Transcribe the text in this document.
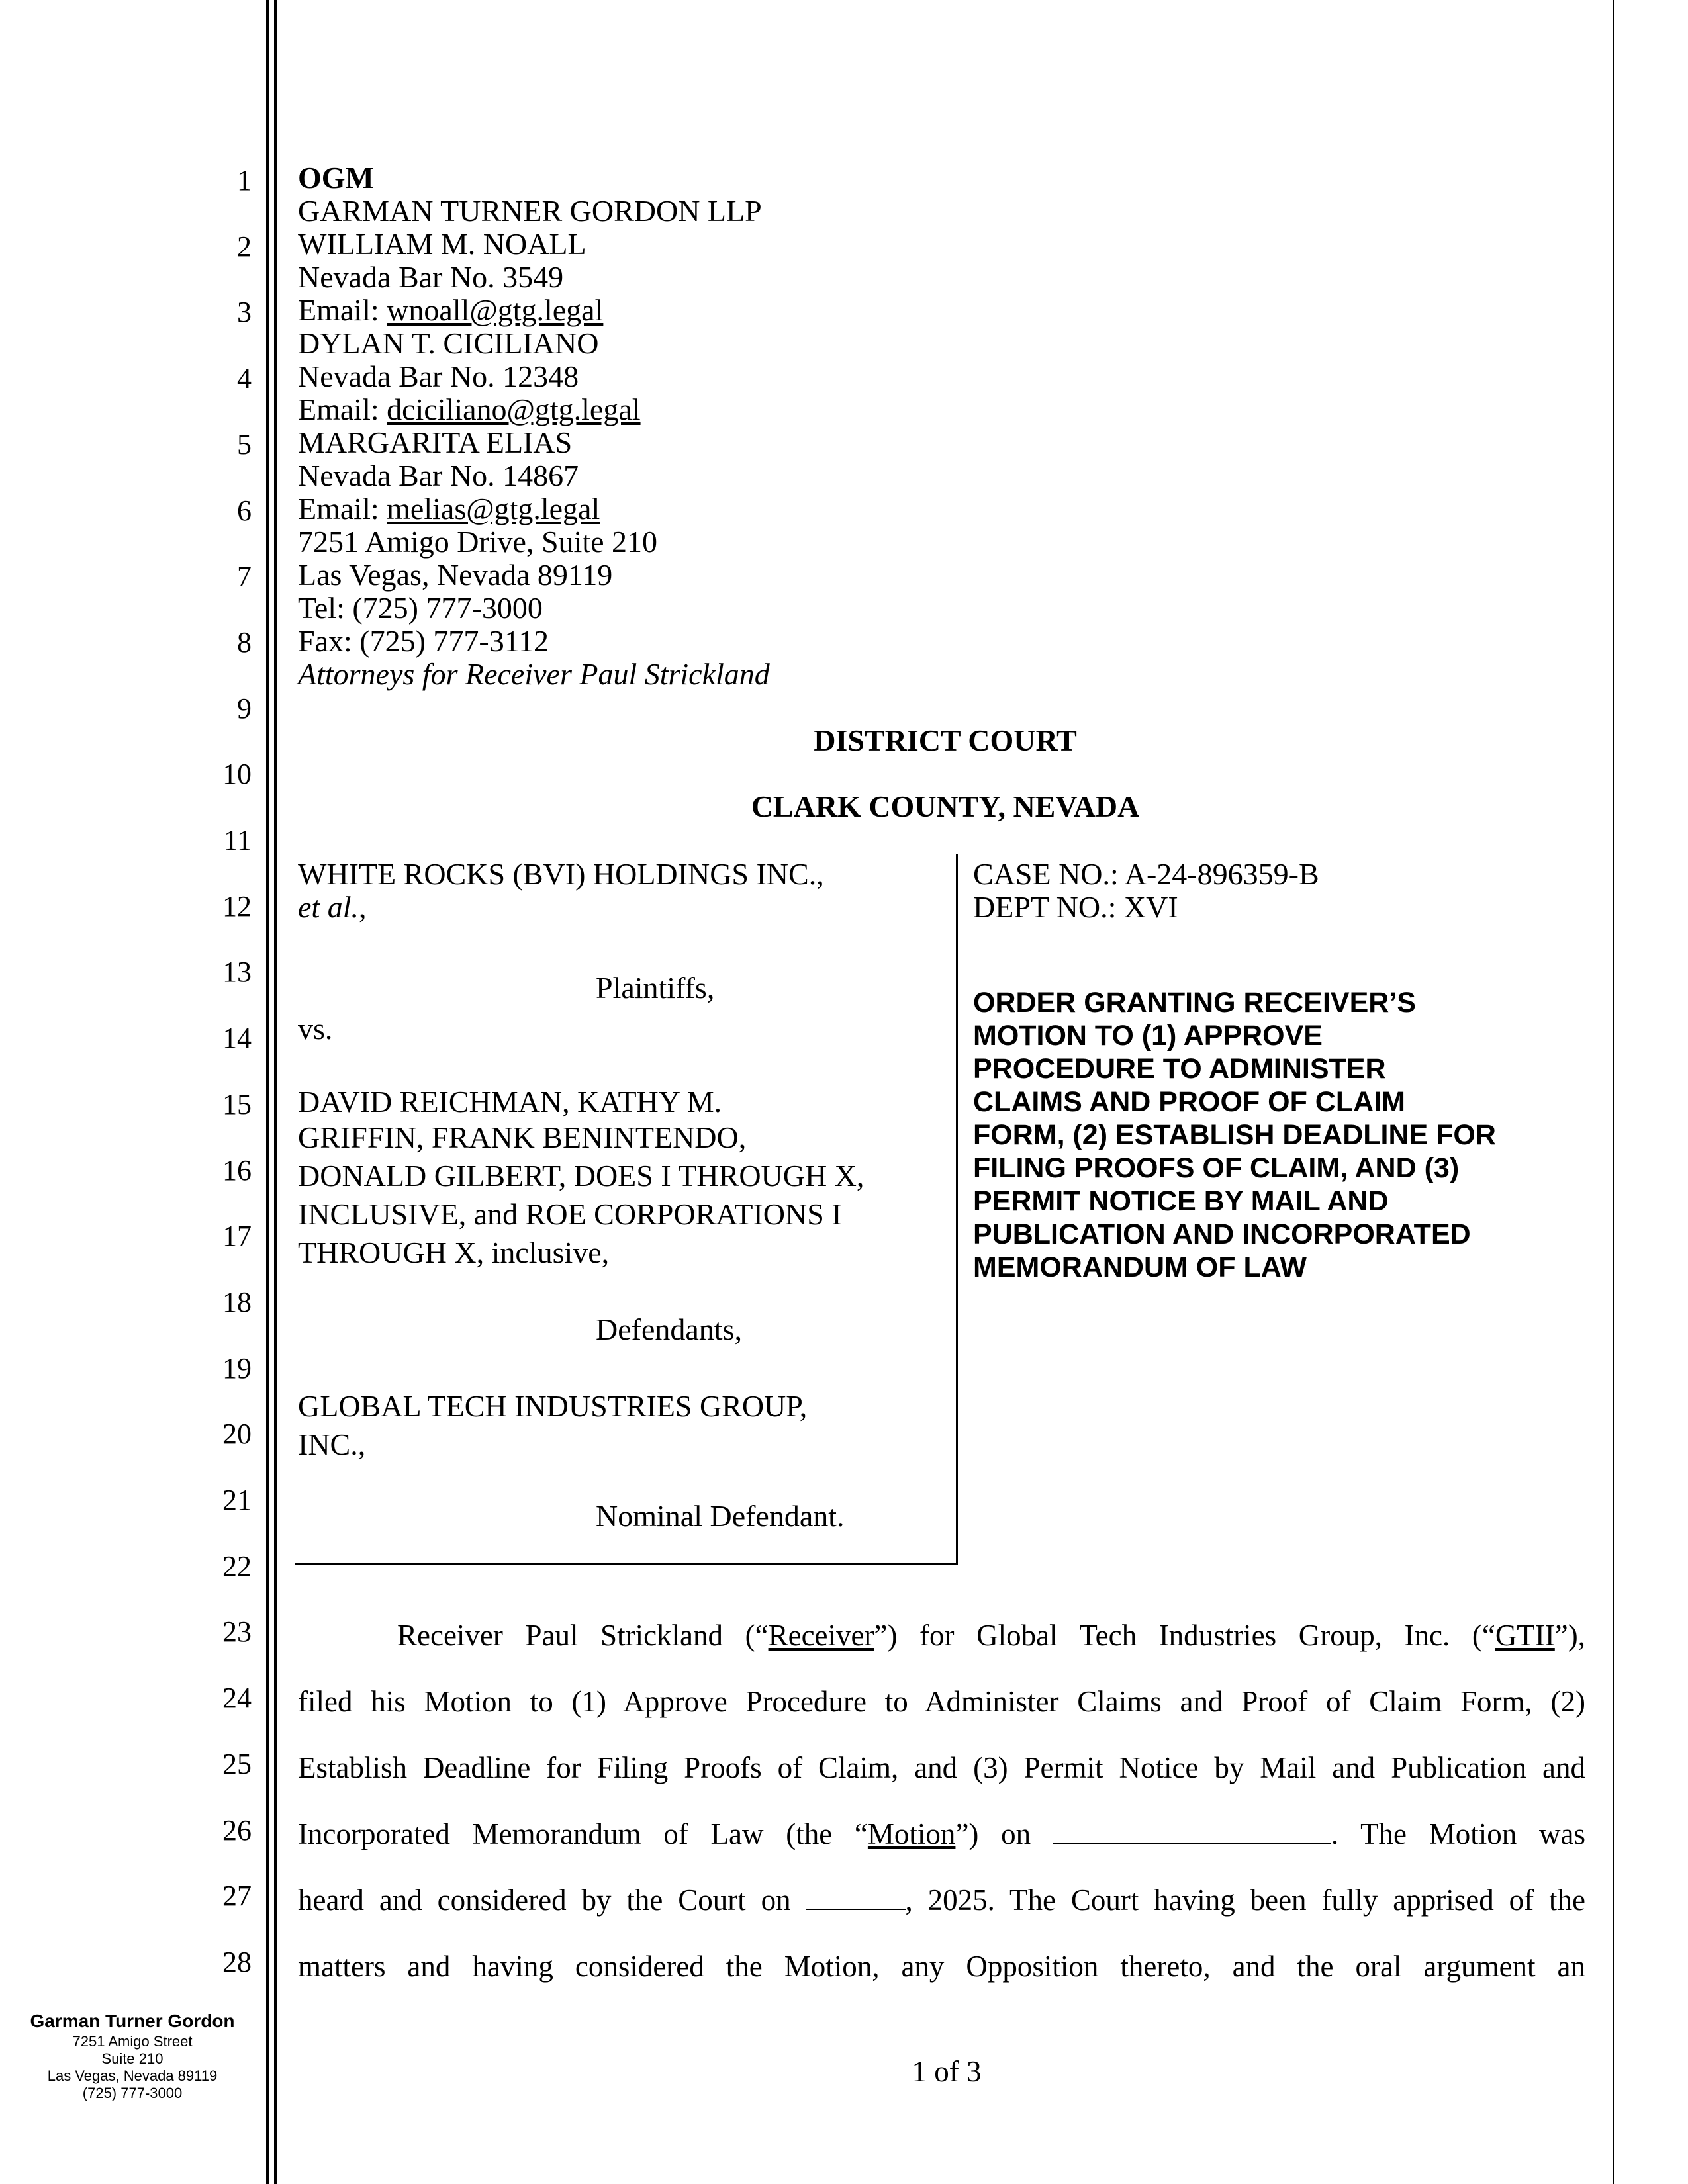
1
2
3
4
5
6
7
8
9
10
11
12
13
14
15
16
17
18
19
20
21
22
23
24
25
26
27
28
OGM
GARMAN TURNER GORDON LLP
WILLIAM M. NOALL
Nevada Bar No. 3549
Email: wnoall@gtg.legal
DYLAN T. CICILIANO
Nevada Bar No. 12348
Email: dciciliano@gtg.legal
MARGARITA ELIAS
Nevada Bar No. 14867
Email: melias@gtg.legal
7251 Amigo Drive, Suite 210
Las Vegas, Nevada 89119
Tel: (725) 777-3000
Fax: (725) 777-3112
Attorneys for Receiver Paul Strickland
DISTRICT COURT
CLARK COUNTY, NEVADA
WHITE ROCKS (BVI) HOLDINGS INC.,
et al.,
Plaintiffs,
vs.
DAVID REICHMAN, KATHY M.
GRIFFIN, FRANK BENINTENDO,
DONALD GILBERT, DOES I THROUGH X,
INCLUSIVE, and ROE CORPORATIONS I
THROUGH X, inclusive,
Defendants,
GLOBAL TECH INDUSTRIES GROUP,
INC.,
Nominal Defendant.
CASE NO.: A-24-896359-B
DEPT NO.: XVI
ORDER GRANTING RECEIVER’S
MOTION TO (1) APPROVE
PROCEDURE TO ADMINISTER
CLAIMS AND PROOF OF CLAIM
FORM, (2) ESTABLISH DEADLINE FOR
FILING PROOFS OF CLAIM, AND (3)
PERMIT NOTICE BY MAIL AND
PUBLICATION AND INCORPORATED
MEMORANDUM OF LAW
Receiver Paul Strickland (“Receiver”) for Global Tech Industries Group, Inc. (“GTII”),
filed his Motion to (1) Approve Procedure to Administer Claims and Proof of Claim Form, (2)
Establish Deadline for Filing Proofs of Claim, and (3) Permit Notice by Mail and Publication and
Incorporated Memorandum of Law (the “Motion”) on	. The Motion was
heard and considered by the Court on	, 2025. The Court having been fully apprised of the
matters and having considered the Motion, any Opposition thereto, and the oral argument an
Garman Turner Gordon
7251 Amigo Street
Suite 210
Las Vegas, Nevada 89119
(725) 777-3000
1 of 3
